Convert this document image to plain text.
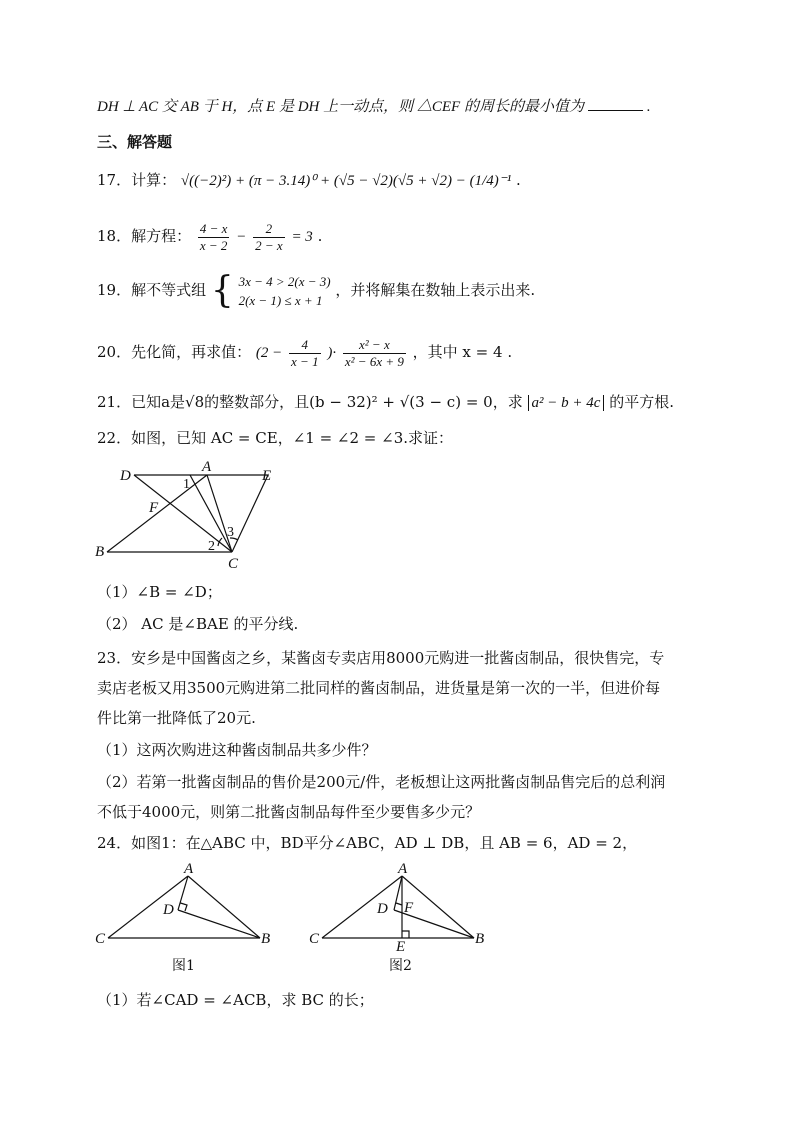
DH ⊥ AC 交 AB 于 H，点 E 是 DH 上一动点，则 △CEF 的周长的最小值为	.
三、解答题
17．计算： √((−2)²) + (π − 3.14)⁰ + (√5 − √2)(√5 + √2) − (1/4)⁻¹ .
18．解方程： $\frac{4 - x}{x - 2} - \frac{2}{2 - x} = 3$ .
19．解不等式组 { 3x − 4 > 2(x − 3)
2(x − 1) ≤ x + 1
，并将解集在数轴上表示出来.
20．先化简，再求值： ($2 - \frac{4}{x - 1}$ )· $\frac{\text{x² − x}}{\text{x² − 6x + 9}}$ ，其中 x = 4 .
21．已知a是√8的整数部分，且(b − 32)² + √(3 − c) = 0，求 a² − b + 4c 的平方根.
22．如图，已知 AC = CE，∠1 = ∠2 = ∠3.求证：
D
A
E
F
B
C
1
2
3
（1）∠B = ∠D；
（2） AC 是∠BAE 的平分线.
23．安乡是中国酱卤之乡，某酱卤专卖店用8000元购进一批酱卤制品，很快售完，专
卖店老板又用3500元购进第二批同样的酱卤制品，进货量是第一次的一半，但进价每
件比第一批降低了20元.
（1）这两次购进这种酱卤制品共多少件？
（2）若第一批酱卤制品的售价是200元/件，老板想让这两批酱卤制品售完后的总利润
不低于4000元，则第二批酱卤制品每件至少要售多少元？
24．如图1：在△ABC 中，BD平分∠ABC，AD ⊥ DB，且 AB = 6，AD = 2，
A
D
C	B
图1
A
D F
E
C	B
图2
（1）若∠CAD = ∠ACB，求 BC 的长；
